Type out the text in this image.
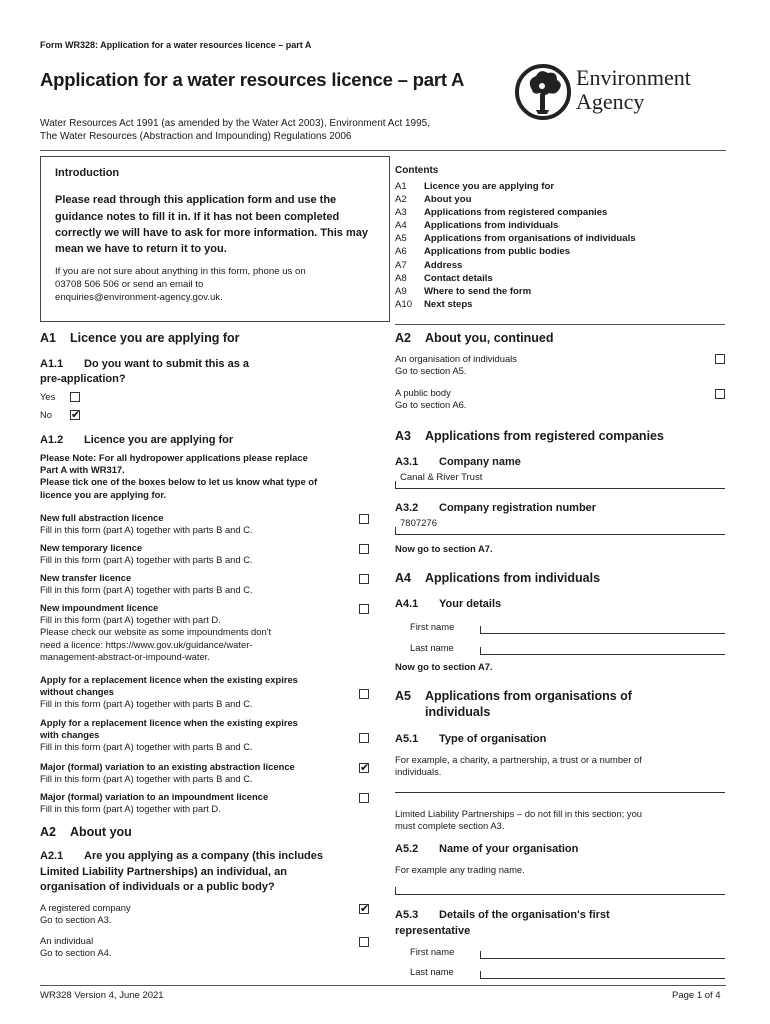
Form WR328: Application for a water resources licence – part A
Application for a water resources licence – part A	Environment
Agency
Water Resources Act 1991 (as amended by the Water Act 2003), Environment Act 1995,
The Water Resources (Abstraction and Impounding) Regulations 2006
Introduction
Please read through this application form and use the guidance notes to fill it in. If it has not been completed correctly we will have to ask for more information. This may mean we have to return it to you.
If you are not sure about anything in this form, phone us on
03708 506 506 or send an email to
enquiries@environment-agency.gov.uk.
Contents
A1	Licence you are applying for
A2	About you
A3	Applications from registered companies
A4	Applications from individuals
A5	Applications from organisations of individuals
A6	Applications from public bodies
A7	Address
A8	Contact details
A9	Where to send the form
A10	Next steps
A1 Licence you are applying for
A1.1 Do you want to submit this as a
pre-application?
Yes
No
✔
A1.2 Licence you are applying for
Please Note: For all hydropower applications please replace
Part A with WR317.
Please tick one of the boxes below to let us know what type of
licence you are applying for.
New full abstraction licence
Fill in this form (part A) together with parts B and C.
New temporary licence
Fill in this form (part A) together with parts B and C.
New transfer licence
Fill in this form (part A) together with parts B and C.
New impoundment licence
Fill in this form (part A) together with part D.
Please check our website as some impoundments don't
need a licence: https://www.gov.uk/guidance/water-
management-abstract-or-impound-water.
Apply for a replacement licence when the existing expires
without changes
Fill in this form (part A) together with parts B and C.
Apply for a replacement licence when the existing expires
with changes
Fill in this form (part A) together with parts B and C.
Major (formal) variation to an existing abstraction licence
Fill in this form (part A) together with parts B and C.
✔
Major (formal) variation to an impoundment licence
Fill in this form (part A) together with part D.
A2 About you
A2.1 Are you applying as a company (this includes
Limited Liability Partnerships) an individual, an
organisation of individuals or a public body?
A registered company
Go to section A3.
✔
An individual
Go to section A4.
A2 About you, continued
An organisation of individuals
Go to section A5.
A public body
Go to section A6.
A3 Applications from registered companies
A3.1 Company name
Canal & River Trust
A3.2 Company registration number
7807276
Now go to section A7.
A4 Applications from individuals
A4.1 Your details
First name
Last name
Now go to section A7.
A5 Applications from organisations of
individuals
A5.1 Type of organisation
For example, a charity, a partnership, a trust or a number of
individuals.
Limited Liability Partnerships – do not fill in this section; you
must complete section A3.
A5.2 Name of your organisation
For example any trading name.
A5.3 Details of the organisation's first
representative
First name
Last name
WR328 Version 4, June 2021	Page 1 of 4
